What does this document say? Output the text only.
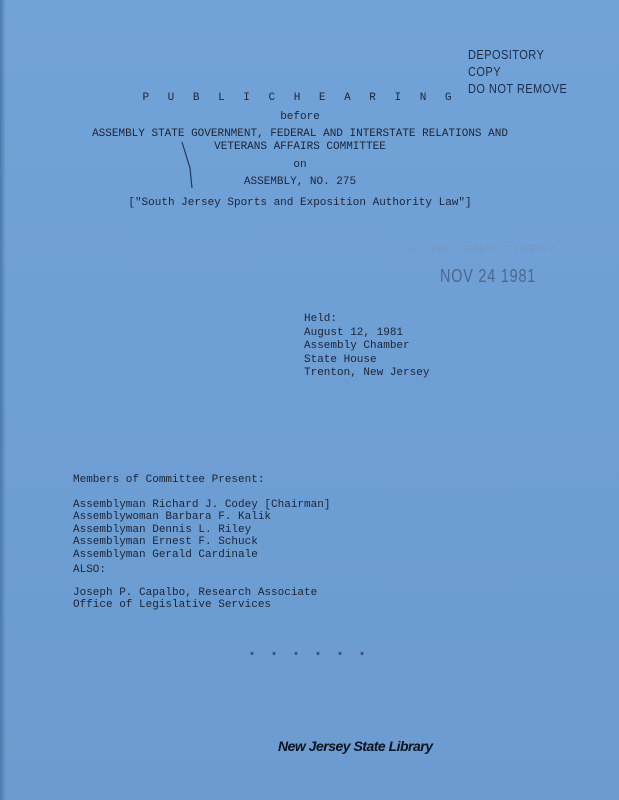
DEPOSITORY COPY
DO NOT REMOVE
P U B L I C H E A R I N G
before
ASSEMBLY STATE GOVERNMENT, FEDERAL AND INTERSTATE RELATIONS AND
VETERANS AFFAIRS COMMITTEE
on
ASSEMBLY, NO. 275
["South Jersey Sports and Exposition Authority Law"]
ATTORNEY GENERAL'S LIBRARY
NOV 24 1981
Held:
August 12, 1981
Assembly Chamber
State House
Trenton, New Jersey
Members of Committee Present:
Assemblyman Richard J. Codey [Chairman]
Assemblywoman Barbara F. Kalik
Assemblyman Dennis L. Riley
Assemblyman Ernest F. Schuck
Assemblyman Gerald Cardinale
ALSO:
Joseph P. Capalbo, Research Associate
Office of Legislative Services
* * * * * *
New Jersey State Library
